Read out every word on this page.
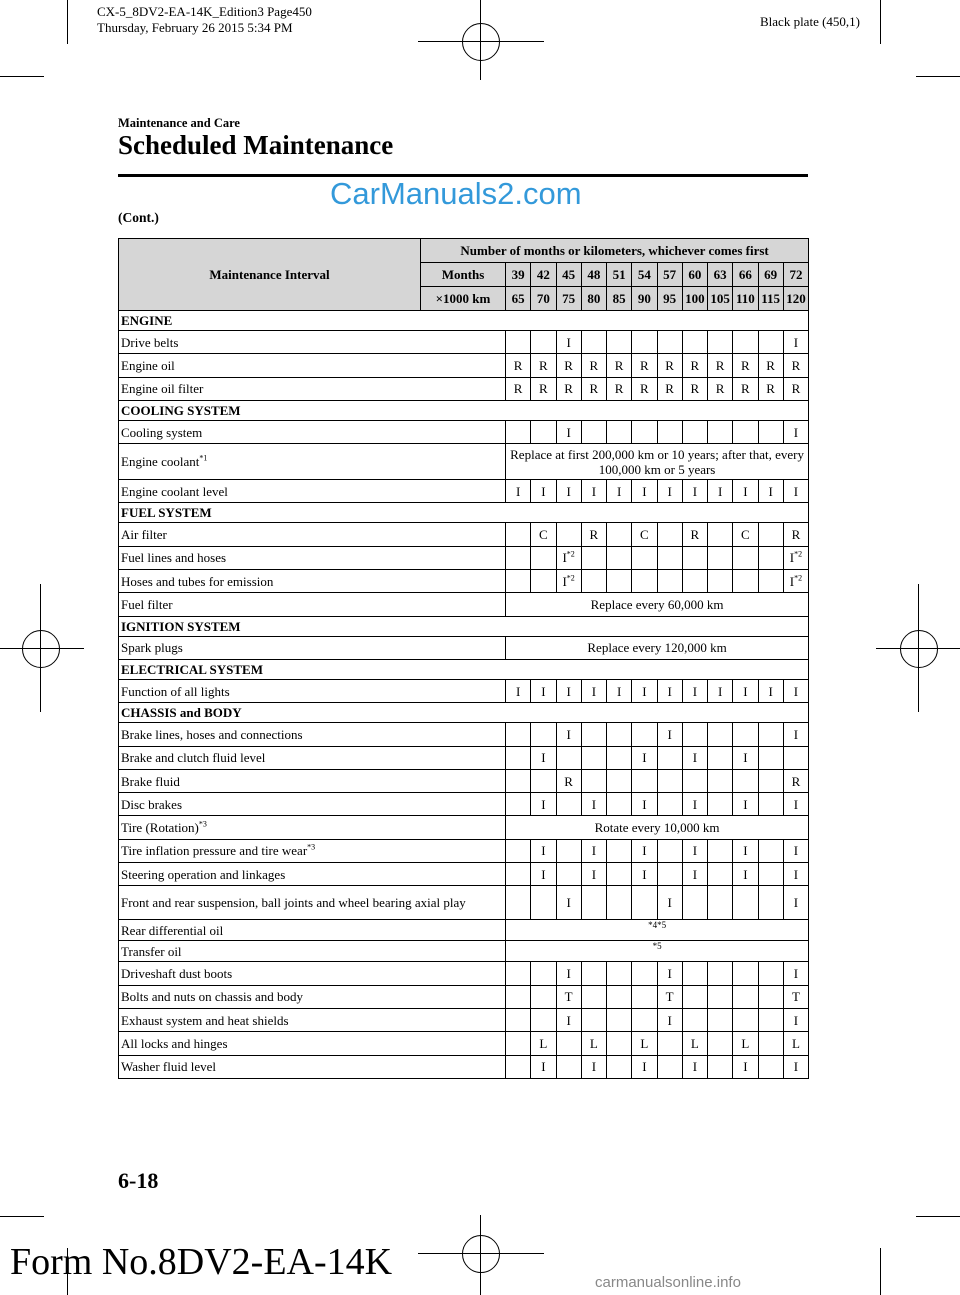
CX-5_8DV2-EA-14K_Edition3 Page450
Thursday, February 26 2015 5:34 PM	Black plate (450,1)
Maintenance and Care
Scheduled Maintenance
CarManuals2.com
(Cont.)
Maintenance Interval	Number of months or kilometers, whichever comes first												
	Months	39	42	45	48	51	54	57	60	63	66	69	72
	×1000 km	65	70	75	80	85	90	95	100	105	110	115	120
ENGINE													
Drive belts				I									I
Engine oil		R	R	R	R	R	R	R	R	R	R	R	R
Engine oil filter		R	R	R	R	R	R	R	R	R	R	R	R
COOLING SYSTEM													
Cooling system				I									I
Engine coolant$^{*1}$		Replace at first 200,000 km or 10 years; after that, every 100,000 km or 5 years											
Engine coolant level		I	I	I	I	I	I	I	I	I	I	I	I
FUEL SYSTEM													
Air filter			C		R		C		R		C		R
Fuel lines and hoses				$I^{*2}$									$I^{*2}$
Hoses and tubes for emission				$I^{*2}$									$I^{*2}$
Fuel filter		Replace every 60,000 km											
IGNITION SYSTEM													
Spark plugs		Replace every 120,000 km											
ELECTRICAL SYSTEM													
Function of all lights		I	I	I	I	I	I	I	I	I	I	I	I
CHASSIS and BODY													
Brake lines, hoses and connections				I				I					I
Brake and clutch fluid level			I				I		I		I		
Brake fluid				R									R
Disc brakes			I		I		I		I		I		I
Tire (Rotation)$^{*3}$		Rotate every 10,000 km											
Tire inflation pressure and tire wear$^{*3}$			I		I		I		I		I		I
Steering operation and linkages			I		I		I		I		I		I
Front and rear suspension, ball joints and wheel bearing axial play				I				I					I
Rear differential oil		*4*5											
Transfer oil		*5											
Driveshaft dust boots				I				I					I
Bolts and nuts on chassis and body				T				T					T
Exhaust system and heat shields				I				I					I
All locks and hinges			L		L		L		L		L		L
Washer fluid level			I		I		I		I		I		I
6-18
Form No.8DV2-EA-14K	carmanualsonline.info
